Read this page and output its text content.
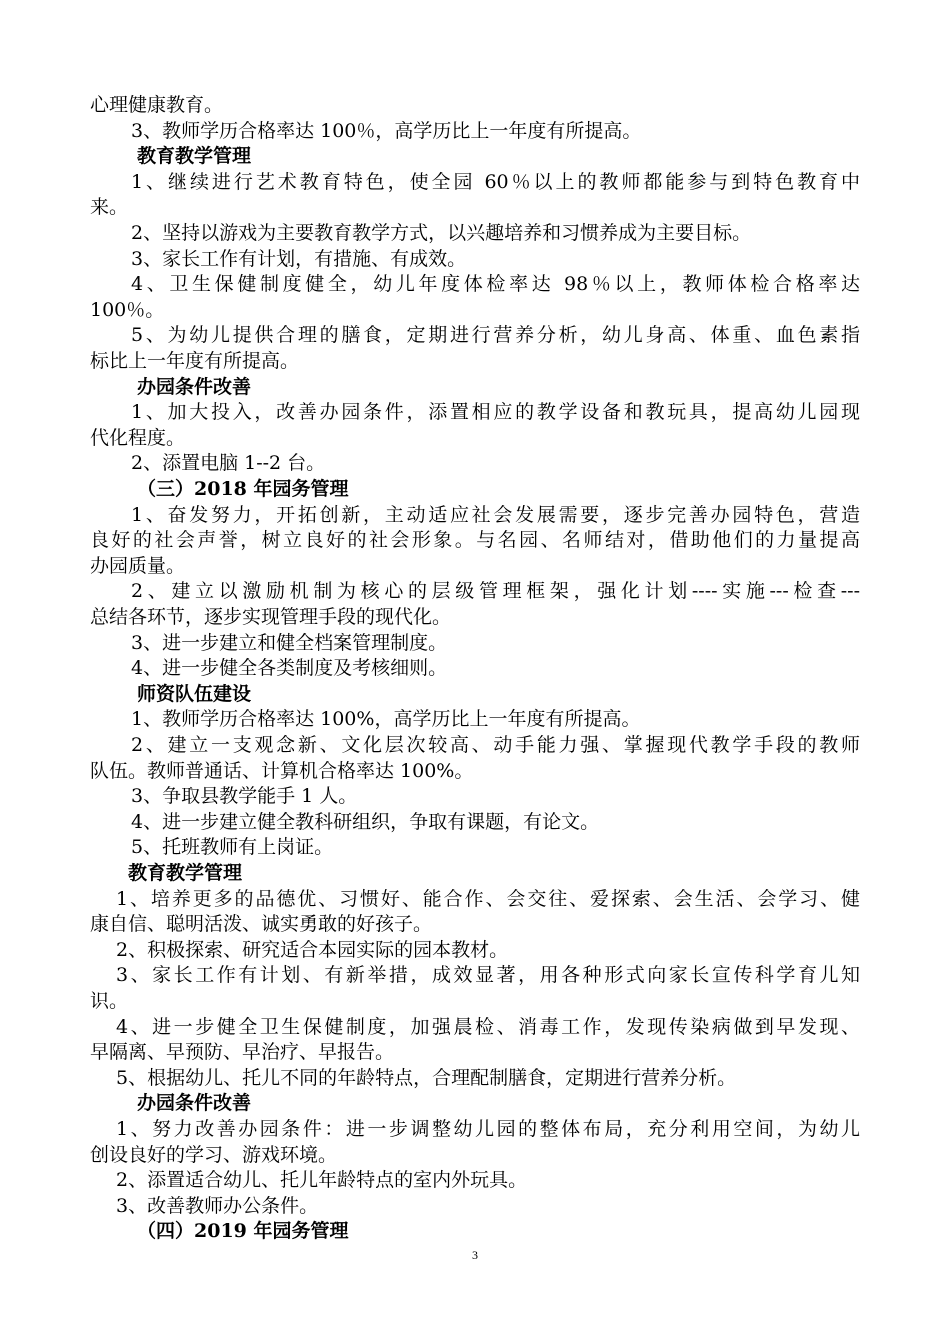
心理健康教育。
3、教师学历合格率达 100％，高学历比上一年度有所提高。
教育教学管理
1、继续进行艺术教育特色，使全园 60％以上的教师都能参与到特色教育中
来。
2、坚持以游戏为主要教育教学方式，以兴趣培养和习惯养成为主要目标。
3、家长工作有计划，有措施、有成效。
4、卫生保健制度健全，幼儿年度体检率达 98％以上，教师体检合格率达
100％。
5、为幼儿提供合理的膳食，定期进行营养分析，幼儿身高、体重、血色素指
标比上一年度有所提高。
办园条件改善
1、加大投入，改善办园条件，添置相应的教学设备和教玩具，提高幼儿园现
代化程度。
2、添置电脑 1--2 台。
（三）2018 年园务管理
1、奋发努力，开拓创新，主动适应社会发展需要，逐步完善办园特色，营造
良好的社会声誉，树立良好的社会形象。与名园、名师结对，借助他们的力量提高
办园质量。
2、建立以激励机制为核心的层级管理框架，强化计划----实施---检查---
总结各环节，逐步实现管理手段的现代化。
3、进一步建立和健全档案管理制度。
4、进一步健全各类制度及考核细则。
师资队伍建设
1、教师学历合格率达 100%，高学历比上一年度有所提高。
2、建立一支观念新、文化层次较高、动手能力强、掌握现代教学手段的教师
队伍。教师普通话、计算机合格率达 100%。
3、争取县教学能手 1 人。
4、进一步建立健全教科研组织，争取有课题，有论文。
5、托班教师有上岗证。
教育教学管理
1、培养更多的品德优、习惯好、能合作、会交往、爱探索、会生活、会学习、健
康自信、聪明活泼、诚实勇敢的好孩子。
2、积极探索、研究适合本园实际的园本教材。
3、家长工作有计划、有新举措，成效显著，用各种形式向家长宣传科学育儿知
识。
4、进一步健全卫生保健制度，加强晨检、消毒工作，发现传染病做到早发现、
早隔离、早预防、早治疗、早报告。
5、根据幼儿、托儿不同的年龄特点，合理配制膳食，定期进行营养分析。
办园条件改善
1、努力改善办园条件：进一步调整幼儿园的整体布局，充分利用空间，为幼儿
创设良好的学习、游戏环境。
2、添置适合幼儿、托儿年龄特点的室内外玩具。
3、改善教师办公条件。
（四）2019 年园务管理
3
